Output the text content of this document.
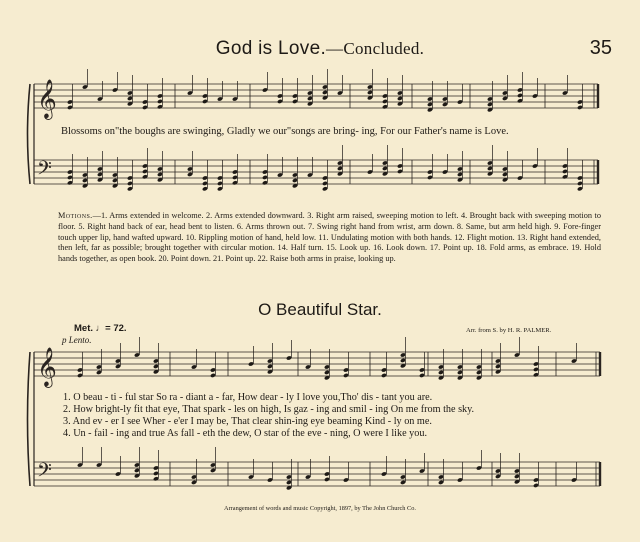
God is Love.—Concluded.	35
𝄞
𝄢
𝄞
𝄢
Blossoms on"the boughs are swinging, Gladly we our"songs are bring- ing, For our Father's name is Love.
Motions.—1. Arms extended in welcome. 2. Arms extended downward. 3. Right arm raised, sweeping motion to left. 4. Brought back with sweeping motion to floor. 5. Right hand back of ear, head bent to listen. 6. Arms thrown out. 7. Swing right hand from wrist, arm down. 8. Same, but arm held high. 9. Fore-finger touch upper lip, hand wafted upward. 10. Rippling motion of hand, held low. 11. Undulating motion with both hands. 12. Flight motion. 13. Right hand extended, then left, far as possible; brought together with circular motion. 14. Half turn. 15. Look up. 16. Look down. 17. Point up. 18. Fold arms, as embrace. 19. Hold hands together, as open book. 20. Point down. 21. Point up. 22. Raise both arms in praise, looking up.
O Beautiful Star.
Met. ♩= 72.
p Lento.
Arr. from S. by H. R. PALMER.
1. O beau - ti - ful star So ra - diant a - far, How dear - ly I love you,Tho' dis - tant you are.
2. How bright-ly fit that eye, That spark - les on high, Is gaz - ing and smil - ing On me from the sky.
3. And ev - er I see Wher - e'er I may be, That clear shin-ing eye beaming Kind - ly on me.
4. Un - fail - ing and true As fall - eth the dew, O star of the eve - ning, O were I like you.
Arrangement of words and music Copyright, 1897, by The John Church Co.
